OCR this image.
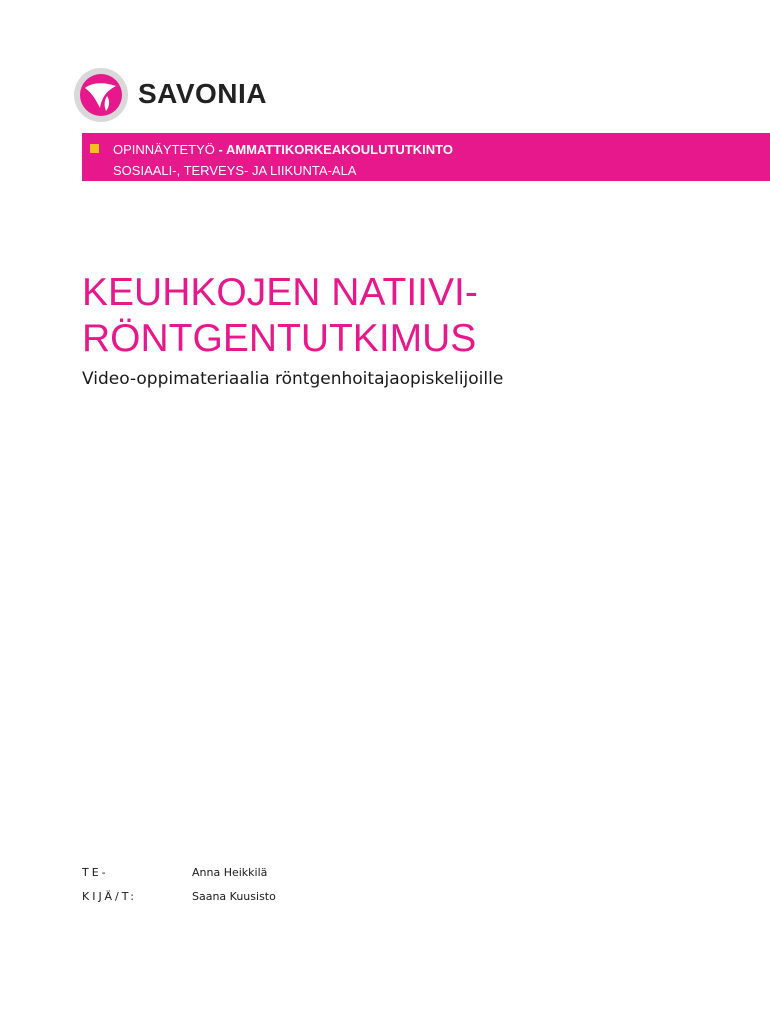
SAVONIA
OPINNÄYTETYÖ - AMMATTIKORKEAKOULUTUTKINTO
SOSIAALI-, TERVEYS- JA LIIKUNTA-ALA
KEUHKOJEN NATIIVI-
RÖNTGENTUTKIMUS
Video-oppimateriaalia röntgenhoitajaopiskelijoille
TE-
KIJÄ/T:
Anna Heikkilä
Saana Kuusisto
